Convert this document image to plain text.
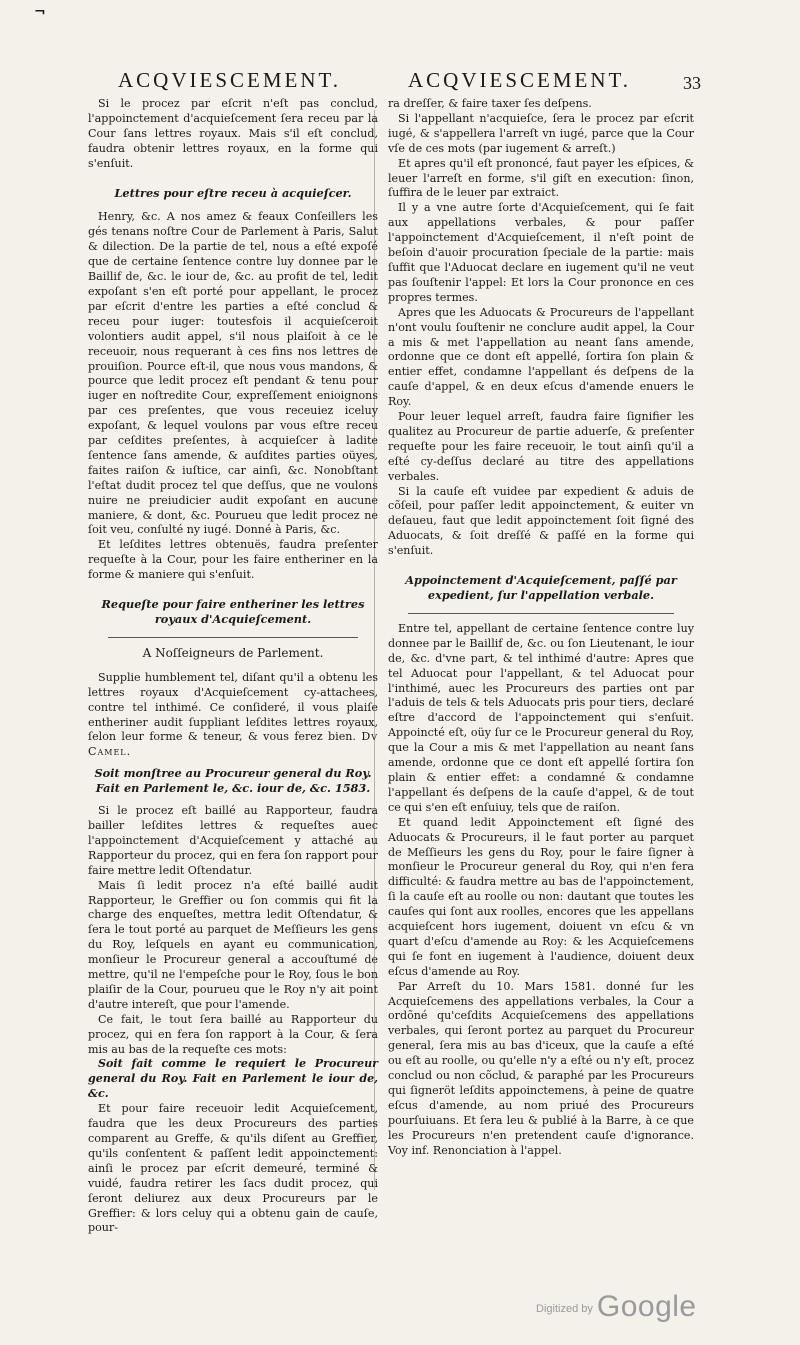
¬
ACQVIESCEMENT.	ACQVIESCEMENT.	33

Si le procez par eſcrit n'eſt pas conclud, l'appoinctement d'acquieſcement ſera receu par la Cour ſans lettres royaux. Mais s'il eſt conclud, faudra obtenir lettres royaux, en la forme qui s'enſuit.

Lettres pour eſtre receu à acquieſcer.

Henry, &c. A nos amez & feaux Conſeillers les gés tenans noſtre Cour de Parlement à Paris, Salut & dilection. De la partie de tel, nous a eſté expoſé que de certaine ſentence contre luy donnee par le Baillif de, &c. le iour de, &c. au profit de tel, ledit expoſant s'en eſt porté pour appellant, le procez par eſcrit d'entre les parties a eſté conclud & receu pour iuger: toutesfois il acquieſceroit volontiers audit appel, s'il nous plaiſoit à ce le receuoir, nous requerant à ces fins nos lettres de prouiſion. Pource eſt-il, que nous vous mandons, & pource que ledit procez eſt pendant & tenu pour iuger en noſtredite Cour, expreſſement enioignons par ces preſentes, que vous receuiez iceluy expoſant, & lequel voulons par vous eſtre receu par ceſdites preſentes, à acquieſcer à ladite ſentence ſans amende, & auſdites parties oüyes, faites raiſon & iuſtice, car ainſi, &c. Nonobſtant l'eſtat dudit procez tel que deſſus, que ne voulons nuire ne preiudicier audit expoſant en aucune maniere, & dont, &c. Pourueu que ledit procez ne ſoit veu, conſulté ny iugé. Donné à Paris, &c.

Et leſdites lettres obtenuës, faudra preſenter requeſte à la Cour, pour les faire entheriner en la forme & maniere qui s'enſuit.

Requeſte pour faire entheriner les lettres royaux d'Acquieſcement.
A Noſſeigneurs de Parlement.

Supplie humblement tel, diſant qu'il a obtenu les lettres royaux d'Acquieſcement cy-attachees, contre tel inthimé. Ce conſideré, il vous plaiſe entheriner audit ſuppliant leſdites lettres royaux, ſelon leur forme & teneur, & vous ferez bien. Dv Camel.

Soit monſtree au Procureur general du Roy. Fait en Parlement le, &c. iour de, &c. 1583.

Si le procez eſt baillé au Rapporteur, faudra bailler leſdites lettres & requeſtes auec l'appoinctement d'Acquieſcement y attaché au Rapporteur du procez, qui en fera ſon rapport pour faire mettre ledit Oſtendatur.

Mais ſi ledit procez n'a eſté baillé audit Rapporteur, le Greffier ou ſon commis qui fit la charge des enqueſtes, mettra ledit Oſtendatur, & ſera le tout porté au parquet de Meſſieurs les gens du Roy, leſquels en ayant eu communication, monſieur le Procureur general a accouſtumé de mettre, qu'il ne l'empeſche pour le Roy, ſous le bon plaiſir de la Cour, pourueu que le Roy n'y ait point d'autre intereſt, que pour l'amende.

Ce fait, le tout ſera baillé au Rapporteur du procez, qui en fera ſon rapport à la Cour, & ſera mis au bas de la requeſte ces mots:

Soit fait comme le requiert le Procureur general du Roy. Fait en Parlement le iour de, &c.

Et pour faire receuoir ledit Acquieſcement, faudra que les deux Procureurs des parties comparent au Greffe, & qu'ils diſent au Greffier, qu'ils conſentent & paſſent ledit appoinctement: ainſi le procez par eſcrit demeuré, terminé & vuidé, faudra retirer les ſacs dudit procez, qui ſeront deliurez aux deux Procureurs par le Greffier: & lors celuy qui a obtenu gain de cauſe, pour-

ra dreſſer, & faire taxer ſes deſpens.

Si l'appellant n'acquieſce, ſera le procez par eſcrit iugé, & s'appellera l'arreſt vn iugé, parce que la Cour vſe de ces mots (par iugement & arreſt.)

Et apres qu'il eſt prononcé, faut payer les eſpices, & leuer l'arreſt en forme, s'il giſt en execution: ſinon, ſuffira de le leuer par extraict.

Il y a vne autre ſorte d'Acquieſcement, qui ſe fait aux appellations verbales, & pour paſſer l'appoinctement d'Acquieſcement, il n'eſt point de beſoin d'auoir procuration ſpeciale de la partie: mais ſuffit que l'Aduocat declare en iugement qu'il ne veut pas ſouſtenir l'appel: Et lors la Cour prononce en ces propres termes.

Apres que les Aduocats & Procureurs de l'appellant n'ont voulu ſouſtenir ne conclure audit appel, la Cour a mis & met l'appellation au neant ſans amende, ordonne que ce dont eſt appellé, ſortira ſon plain & entier effet, condamne l'appellant és deſpens de la cauſe d'appel, & en deux eſcus d'amende enuers le Roy.

Pour leuer lequel arreſt, faudra faire ſignifier les qualitez au Procureur de partie aduerſe, & preſenter requeſte pour les faire receuoir, le tout ainſi qu'il a eſté cy-deſſus declaré au titre des appellations verbales.

Si la cauſe eſt vuidee par expedient & aduis de cõſeil, pour paſſer ledit appoinctement, & euiter vn deſaueu, faut que ledit appoinctement ſoit ſigné des Aduocats, & ſoit dreſſé & paſſé en la forme qui s'enſuit.

Appoinctement d'Acquieſcement, paſſé par expedient, ſur l'appellation verbale.

Entre tel, appellant de certaine ſentence contre luy donnee par le Baillif de, &c. ou ſon Lieutenant, le iour de, &c. d'vne part, & tel inthimé d'autre: Apres que tel Aduocat pour l'appellant, & tel Aduocat pour l'inthimé, auec les Procureurs des parties ont par l'aduis de tels & tels Aduocats pris pour tiers, declaré eſtre d'accord de l'appoinctement qui s'enſuit. Appoincté eſt, oüy ſur ce le Procureur general du Roy, que la Cour a mis & met l'appellation au neant ſans amende, ordonne que ce dont eſt appellé ſortira ſon plain & entier effet: a condamné & condamne l'appellant és deſpens de la cauſe d'appel, & de tout ce qui s'en eſt enſuiuy, tels que de raiſon.

Et quand ledit Appoinctement eſt ſigné des Aduocats & Procureurs, il le faut porter au parquet de Meſſieurs les gens du Roy, pour le faire ſigner à monſieur le Procureur general du Roy, qui n'en fera difficulté: & faudra mettre au bas de l'appoinctement, ſi la cauſe eſt au roolle ou non: dautant que toutes les cauſes qui ſont aux roolles, encores que les appellans acquieſcent hors iugement, doiuent vn eſcu & vn quart d'eſcu d'amende au Roy: & les Acquieſcemens qui ſe font en iugement à l'audience, doiuent deux eſcus d'amende au Roy.

Par Arreſt du 10. Mars 1581. donné ſur les Acquieſcemens des appellations verbales, la Cour a ordõné qu'ceſdits Acquieſcemens des appellations verbales, qui ſeront portez au parquet du Procureur general, ſera mis au bas d'iceux, que la cauſe a eſté ou eſt au roolle, ou qu'elle n'y a eſté ou n'y eſt, procez conclud ou non cõclud, & paraphé par les Procureurs qui ſigneröt leſdits appoinctemens, à peine de quatre eſcus d'amende, au nom priué des Procureurs pourſuiuans. Et ſera leu & publié à la Barre, à ce que les Procureurs n'en pretendent cauſe d'ignorance. Voy inf. Renonciation à l'appel.

$^{Digitized by}$ Google
